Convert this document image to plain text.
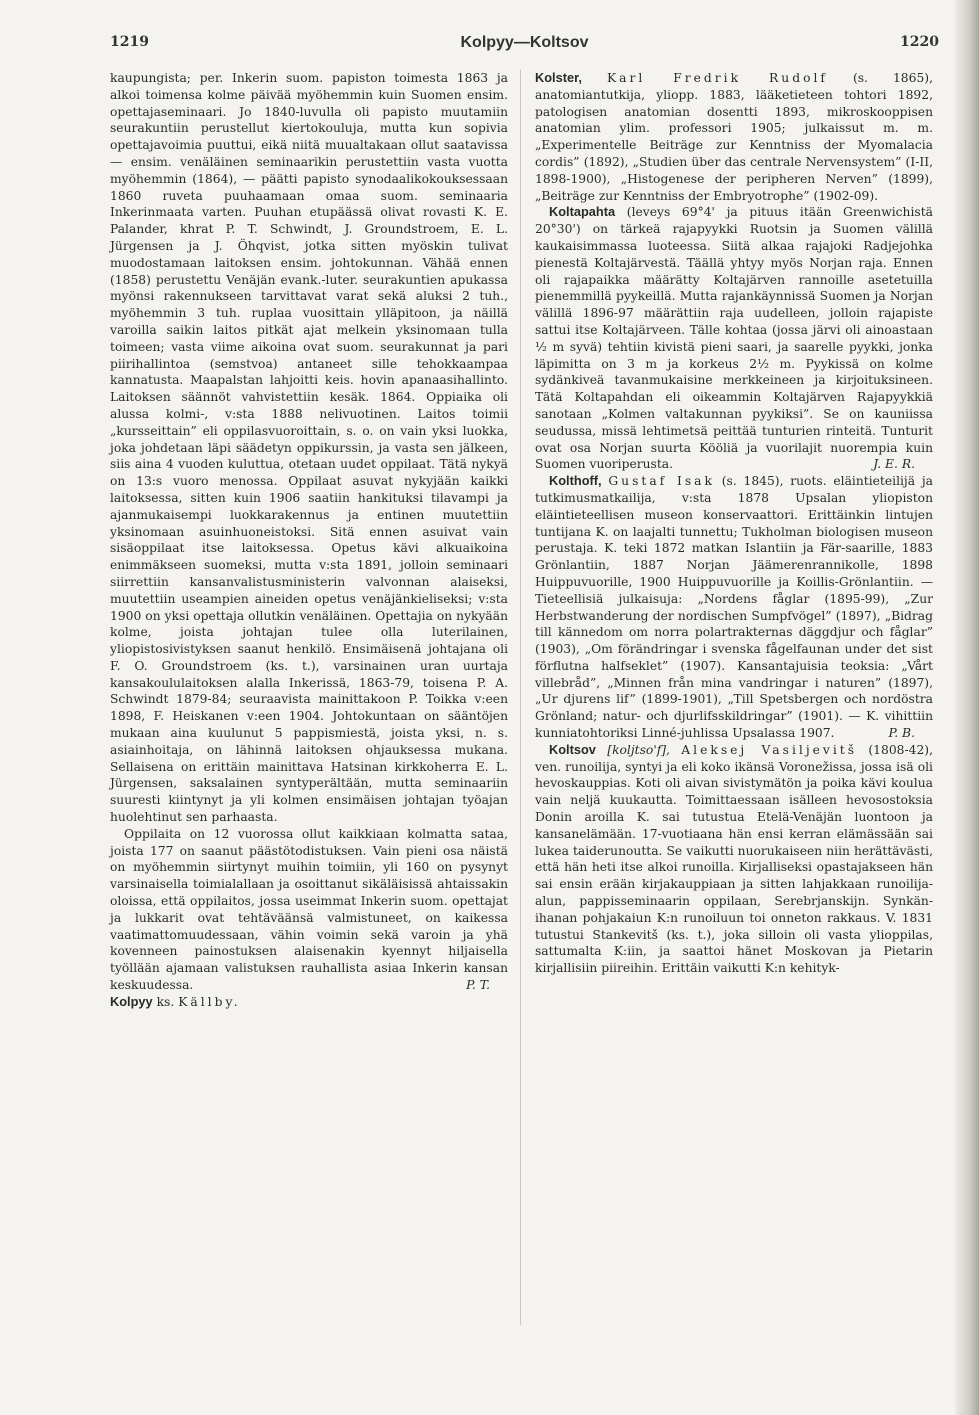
1219	Kolpyy—Koltsov	1220

kaupungista; per. Inkerin suom. papiston toimesta 1863 ja alkoi toimensa kolme päivää myöhemmin kuin Suomen ensim. opettajaseminaari. Jo 1840-luvulla oli papisto muutamiin seurakuntiin perustellut kiertokouluja, mutta kun sopivia opettajavoimia puuttui, eikä niitä muualtakaan ollut saatavissa — ensim. venäläinen seminaarikin perustettiin vasta vuotta myöhemmin (1864), — päätti papisto synodaalikokouksessaan 1860 ruveta puuhaamaan omaa suom. seminaaria Inkerinmaata varten. Puuhan etupäässä olivat rovasti K. E. Palander, khrat P. T. Schwindt, J. Groundstroem, E. L. Jürgensen ja J. Öhqvist, jotka sitten myöskin tulivat muodostamaan laitoksen ensim. johtokunnan. Vähää ennen (1858) perustettu Venäjän evank.-luter. seurakuntien apukassa myönsi rakennukseen tarvittavat varat sekä aluksi 2 tuh., myöhemmin 3 tuh. ruplaa vuosittain ylläpitoon, ja näillä varoilla saikin laitos pitkät ajat melkein yksinomaan tulla toimeen; vasta viime aikoina ovat suom. seurakunnat ja pari piirihallintoa (semstvoa) antaneet sille tehokkaampaa kannatusta. Maapalstan lahjoitti keis. hovin apanaasihallinto. Laitoksen säännöt vahvistettiin kesäk. 1864. Oppiaika oli alussa kolmi-, v:sta 1888 nelivuotinen. Laitos toimii „kursseittain” eli oppilasvuoroittain, s. o. on vain yksi luokka, joka johdetaan läpi säädetyn oppikurssin, ja vasta sen jälkeen, siis aina 4 vuoden kuluttua, otetaan uudet oppilaat. Tätä nykyä on 13:s vuoro menossa. Oppilaat asuvat nykyjään kaikki laitoksessa, sitten kuin 1906 saatiin hankituksi tilavampi ja ajanmukaisempi luokkarakennus ja entinen muutettiin yksinomaan asuinhuoneistoksi. Sitä ennen asuivat vain sisäoppilaat itse laitoksessa. Opetus kävi alkuaikoina enimmäkseen suomeksi, mutta v:sta 1891, jolloin seminaari siirrettiin kansanvalistusministerin valvonnan alaiseksi, muutettiin useampien aineiden opetus venäjänkieliseksi; v:sta 1900 on yksi opettaja ollutkin venäläinen. Opettajia on nykyään kolme, joista johtajan tulee olla luterilainen, yliopistosivistyksen saanut henkilö. Ensimäisenä johtajana oli F. O. Groundstroem (ks. t.), varsinainen uran uurtaja kansakoululaitoksen alalla Inkerissä, 1863-79, toisena P. A. Schwindt 1879-84; seuraavista mainittakoon P. Toikka v:een 1898, F. Heiskanen v:een 1904. Johtokuntaan on sääntöjen mukaan aina kuulunut 5 pappismiestä, joista yksi, n. s. asiainhoitaja, on lähinnä laitoksen ohjauksessa mukana. Sellaisena on erittäin mainittava Hatsinan kirkkoherra E. L. Jürgensen, saksalainen syntyperältään, mutta seminaariin suuresti kiintynyt ja yli kolmen ensimäisen johtajan työajan huolehtinut sen parhaasta.

Oppilaita on 12 vuorossa ollut kaikkiaan kolmatta sataa, joista 177 on saanut päästötodistuksen. Vain pieni osa näistä on myöhemmin siirtynyt muihin toimiin, yli 160 on pysynyt varsinaisella toimialallaan ja osoittanut sikäläisissä ahtaissakin oloissa, että oppilaitos, jossa useimmat Inkerin suom. opettajat ja lukkarit ovat tehtäväänsä valmistuneet, on kaikessa vaatimattomuudessaan, vähin voimin sekä varoin ja yhä kovenneen painostuksen alaisenakin kyennyt hiljaisella työllään ajamaan valistuksen rauhallista asiaa Inkerin kansan keskuudessa.	P. T.

Kolpyy ks. Källby.

Kolster, Karl Fredrik Rudolf (s. 1865), anatomiantutkija, yliopp. 1883, lääketieteen tohtori 1892, patologisen anatomian dosentti 1893, mikroskooppisen anatomian ylim. professori 1905; julkaissut m. m. „Experimentelle Beiträge zur Kenntniss der Myomalacia cordis” (1892), „Studien über das centrale Nervensystem” (I-II, 1898-1900), „Histogenese der peripheren Nerven” (1899), „Beiträge zur Kenntniss der Embryotrophe” (1902-09).

Koltapahta (leveys 69°4' ja pituus itään Greenwichistä 20°30') on tärkeä rajapyykki Ruotsin ja Suomen välillä kaukaisimmassa luoteessa. Siitä alkaa rajajoki Radjejohka pienestä Koltajärvestä. Täällä yhtyy myös Norjan raja. Ennen oli rajapaikka määrätty Koltajärven rannoille asetetuilla pienemmillä pyykeillä. Mutta rajankäynnissä Suomen ja Norjan välillä 1896-97 määrättiin raja uudelleen, jolloin rajapiste sattui itse Koltajärveen. Tälle kohtaa (jossa järvi oli ainoastaan ½ m syvä) tehtiin kivistä pieni saari, ja saarelle pyykki, jonka läpimitta on 3 m ja korkeus 2½ m. Pyykissä on kolme sydänkiveä tavanmukaisine merkkeineen ja kirjoituksineen. Tätä Koltapahdan eli oikeammin Koltajärven Rajapyykkiä sanotaan „Kolmen valtakunnan pyykiksi”. Se on kauniissa seudussa, missä lehtimetsä peittää tunturien rinteitä. Tunturit ovat osa Norjan suurta Kööliä ja vuorilajit nuorempia kuin Suomen vuoriperusta.	J. E. R.

Kolthoff, Gustaf Isak (s. 1845), ruots. eläintieteilijä ja tutkimusmatkailija, v:sta 1878 Upsalan yliopiston eläintieteellisen museon konservaattori. Erittäinkin lintujen tuntijana K. on laajalti tunnettu; Tukholman biologisen museon perustaja. K. teki 1872 matkan Islantiin ja Fär-saarille, 1883 Grönlantiin, 1887 Norjan Jäämerenrannikolle, 1898 Huippuvuorille, 1900 Huippuvuorille ja Koillis-Grönlantiin. — Tieteellisiä julkaisuja: „Nordens fåglar (1895-99), „Zur Herbstwanderung der nordischen Sumpfvögel” (1897), „Bidrag till kännedom om norra polartrakternas däggdjur och fåglar” (1903), „Om förändringar i svenska fågelfaunan under det sist förflutna halfseklet” (1907). Kansantajuisia teoksia: „Vårt villebråd”, „Minnen från mina vandringar i naturen” (1897), „Ur djurens lif” (1899-1901), „Till Spetsbergen och nordöstra Grönland; natur- och djurlifsskildringar” (1901). — K. vihittiin kunniatohtoriksi Linné-juhlissa Upsalassa 1907.	P. B.

Koltsov [koljtso'f], Aleksej Vasiljevitš (1808-42), ven. runoilija, syntyi ja eli koko ikänsä Voronežissa, jossa isä oli hevoskauppias. Koti oli aivan sivistymätön ja poika kävi koulua vain neljä kuukautta. Toimittaessaan isälleen hevosostoksia Donin aroilla K. sai tutustua Etelä-Venäjän luontoon ja kansanelämään. 17-vuotiaana hän ensi kerran elämässään sai lukea taiderunoutta. Se vaikutti nuorukaiseen niin herättävästi, että hän heti itse alkoi runoilla. Kirjalliseksi opastajakseen hän sai ensin erään kirjakauppiaan ja sitten lahjakkaan runoilija-alun, pappisseminaarin oppilaan, Serebrjanskijn. Synkän-ihanan pohjakaiun K:n runoiluun toi onneton rakkaus. V. 1831 tutustui Stankevitš (ks. t.), joka silloin oli vasta ylioppilas, sattumalta K:iin, ja saattoi hänet Moskovan ja Pietarin kirjallisiin piireihin. Erittäin vaikutti K:n kehityk-
